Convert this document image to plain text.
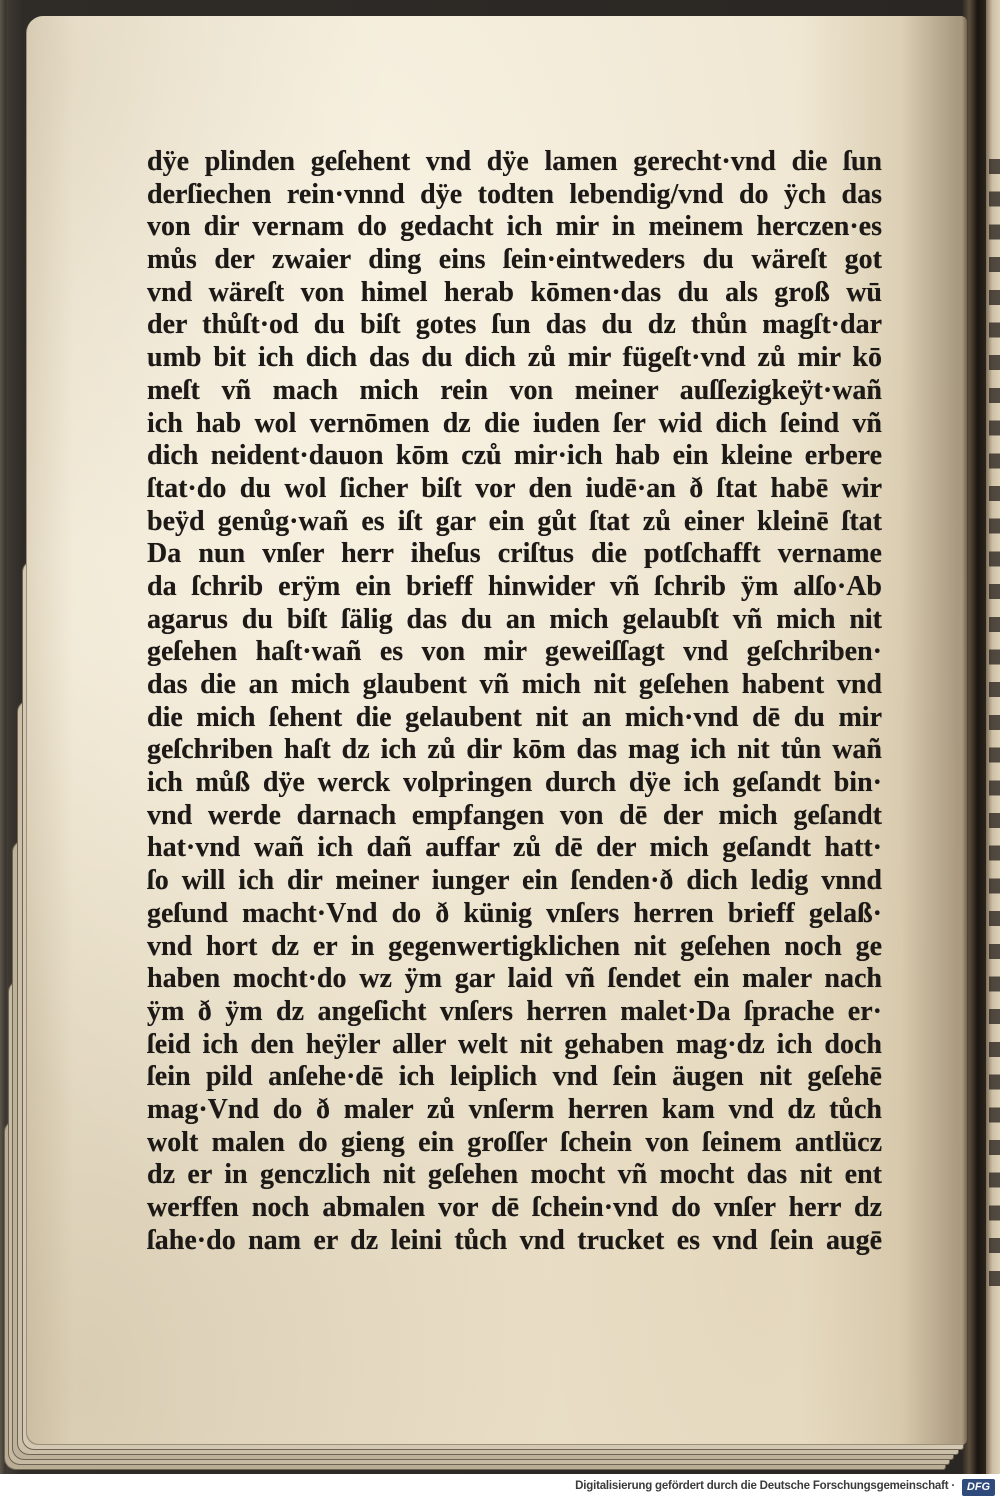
dÿe plinden geſehent vnd dÿe lamen gerecht·vnd die ſun
derſiechen rein·vnnd dÿe todten lebendig/vnd do ÿch das
von dir vernam do gedacht ich mir in meinem herczen·es
můs der zwaier ding eins ſein·eintweders du wäreſt got
vnd wäreſt von himel herab kōmen·das du als groß wū
der thůſt·od du biſt gotes ſun das du dz thůn magſt·dar
umb bit ich dich das du dich zů mir fügeſt·vnd zů mir kō
meſt vñ mach mich rein von meiner auſſezigkeÿt·wañ
ich hab wol vernōmen dz die iuden ſer wid dich ſeind vñ
dich neident·dauon kōm czů mir·ich hab ein kleine erbere
ſtat·do du wol ſicher biſt vor den iudē·an ð ſtat habē wir
beÿd genůg·wañ es iſt gar ein gůt ſtat zů einer kleinē ſtat
Da nun vnſer herr iheſus criſtus die potſchafft vername
da ſchrib erÿm ein brieff hinwider vñ ſchrib ÿm alſo·Ab
agarus du biſt ſälig das du an mich gelaubſt vñ mich nit
geſehen haſt·wañ es von mir geweiſſagt vnd geſchriben·
das die an mich glaubent vñ mich nit geſehen habent vnd
die mich ſehent die gelaubent nit an mich·vnd dē du mir
geſchriben haſt dz ich zů dir kōm das mag ich nit tůn wañ
ich můß dÿe werck volpringen durch dÿe ich geſandt bin·
vnd werde darnach empfangen von dē der mich geſandt
hat·vnd wañ ich dañ auffar zů dē der mich geſandt hatt·
ſo will ich dir meiner iunger ein ſenden·ð dich ledig vnnd
geſund macht·Vnd do ð künig vnſers herren brieff gelaß·
vnd hort dz er in gegenwertigklichen nit geſehen noch ge
haben mocht·do wz ÿm gar laid vñ ſendet ein maler nach
ÿm ð ÿm dz angeſicht vnſers herren malet·Da ſprache er·
ſeid ich den heÿler aller welt nit gehaben mag·dz ich doch
ſein pild anſehe·dē ich leiplich vnd ſein äugen nit geſehē
mag·Vnd do ð maler zů vnſerm herren kam vnd dz tůch
wolt malen do gieng ein groſſer ſchein von ſeinem antlücz
dz er in genczlich nit geſehen mocht vñ mocht das nit ent
werffen noch abmalen vor dē ſchein·vnd do vnſer herr dz
ſahe·do nam er dz leini tůch vnd trucket es vnd ſein augē
Digitalisierung gefördert durch die Deutsche Forschungsgemeinschaft ·	DFG
